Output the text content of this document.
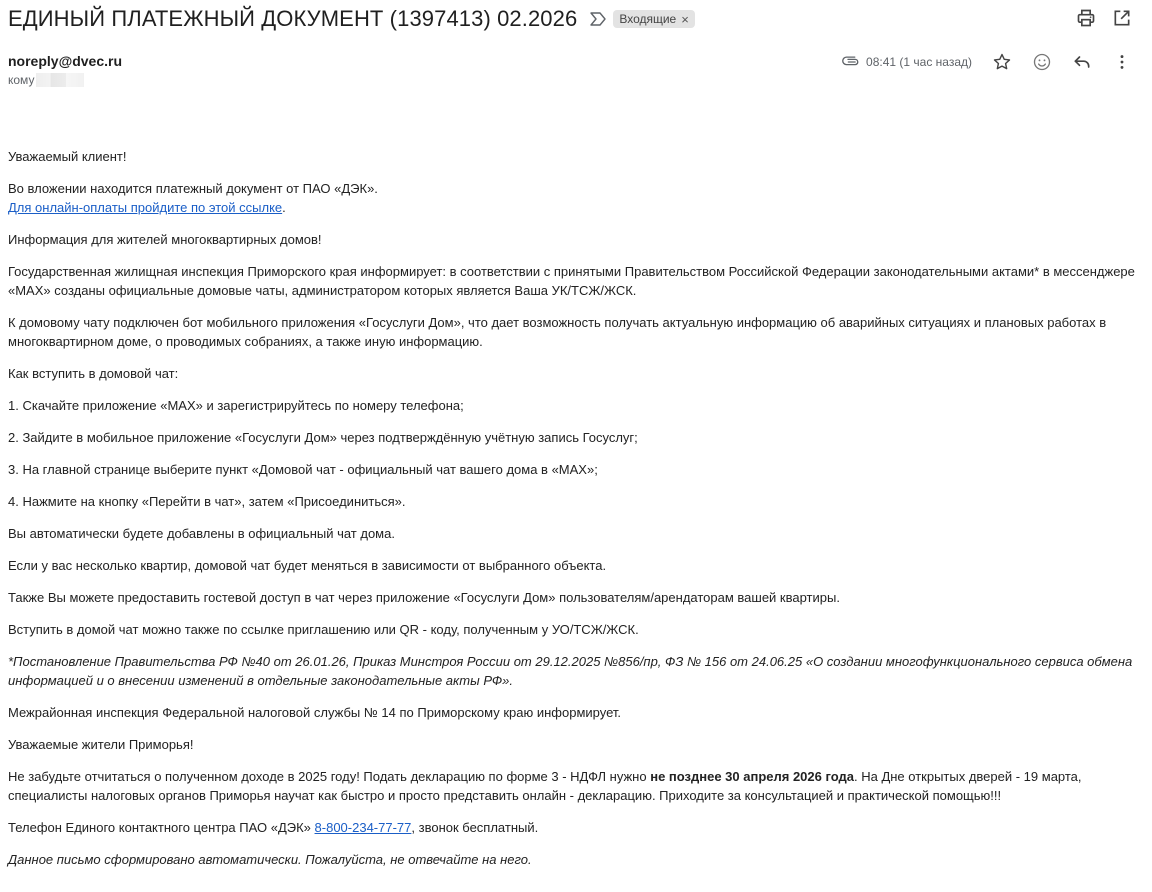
ЕДИНЫЙ ПЛАТЕЖНЫЙ ДОКУМЕНТ (1397413) 02.2026	Входящие ×
noreply@dvec.ru
кому
08:41 (1 час назад)

Уважаемый клиент!

Во вложении находится платежный документ от ПАО «ДЭК».
Для онлайн-оплаты пройдите по этой ссылке.

Информация для жителей многоквартирных домов!

Государственная жилищная инспекция Приморского края информирует: в соответствии с принятыми Правительством Российской Федерации законодательными актами* в мессенджере «MAX» созданы официальные домовые чаты, администратором которых является Ваша УК/ТСЖ/ЖСК.

К домовому чату подключен бот мобильного приложения «Госуслуги Дом», что дает возможность получать актуальную информацию об аварийных ситуациях и плановых работах в многоквартирном доме, о проводимых собраниях, а также иную информацию.

Как вступить в домовой чат:

1. Скачайте приложение «MAX» и зарегистрируйтесь по номеру телефона;

2. Зайдите в мобильное приложение «Госуслуги Дом» через подтверждённую учётную запись Госуслуг;

3. На главной странице выберите пункт «Домовой чат - официальный чат вашего дома в «MAX»;

4. Нажмите на кнопку «Перейти в чат», затем «Присоединиться».

Вы автоматически будете добавлены в официальный чат дома.

Если у вас несколько квартир, домовой чат будет меняться в зависимости от выбранного объекта.

Также Вы можете предоставить гостевой доступ в чат через приложение «Госуслуги Дом» пользователям/арендаторам вашей квартиры.

Вступить в домой чат можно также по ссылке приглашению или QR - коду, полученным у УО/ТСЖ/ЖСК.

*Постановление Правительства РФ №40 от 26.01.26, Приказ Минстроя России от 29.12.2025 №856/пр, ФЗ № 156 от 24.06.25 «О создании многофункционального сервиса обмена информацией и о внесении изменений в отдельные законодательные акты РФ».

Межрайонная инспекция Федеральной налоговой службы № 14 по Приморскому краю информирует.

Уважаемые жители Приморья!

Не забудьте отчитаться о полученном доходе в 2025 году! Подать декларацию по форме 3 - НДФЛ нужно не позднее 30 апреля 2026 года. На Дне открытых дверей - 19 марта, специалисты налоговых органов Приморья научат как быстро и просто представить онлайн - декларацию. Приходите за консультацией и практической помощью!!!

Телефон Единого контактного центра ПАО «ДЭК» 8-800-234-77-77, звонок бесплатный.

Данное письмо сформировано автоматически. Пожалуйста, не отвечайте на него.
